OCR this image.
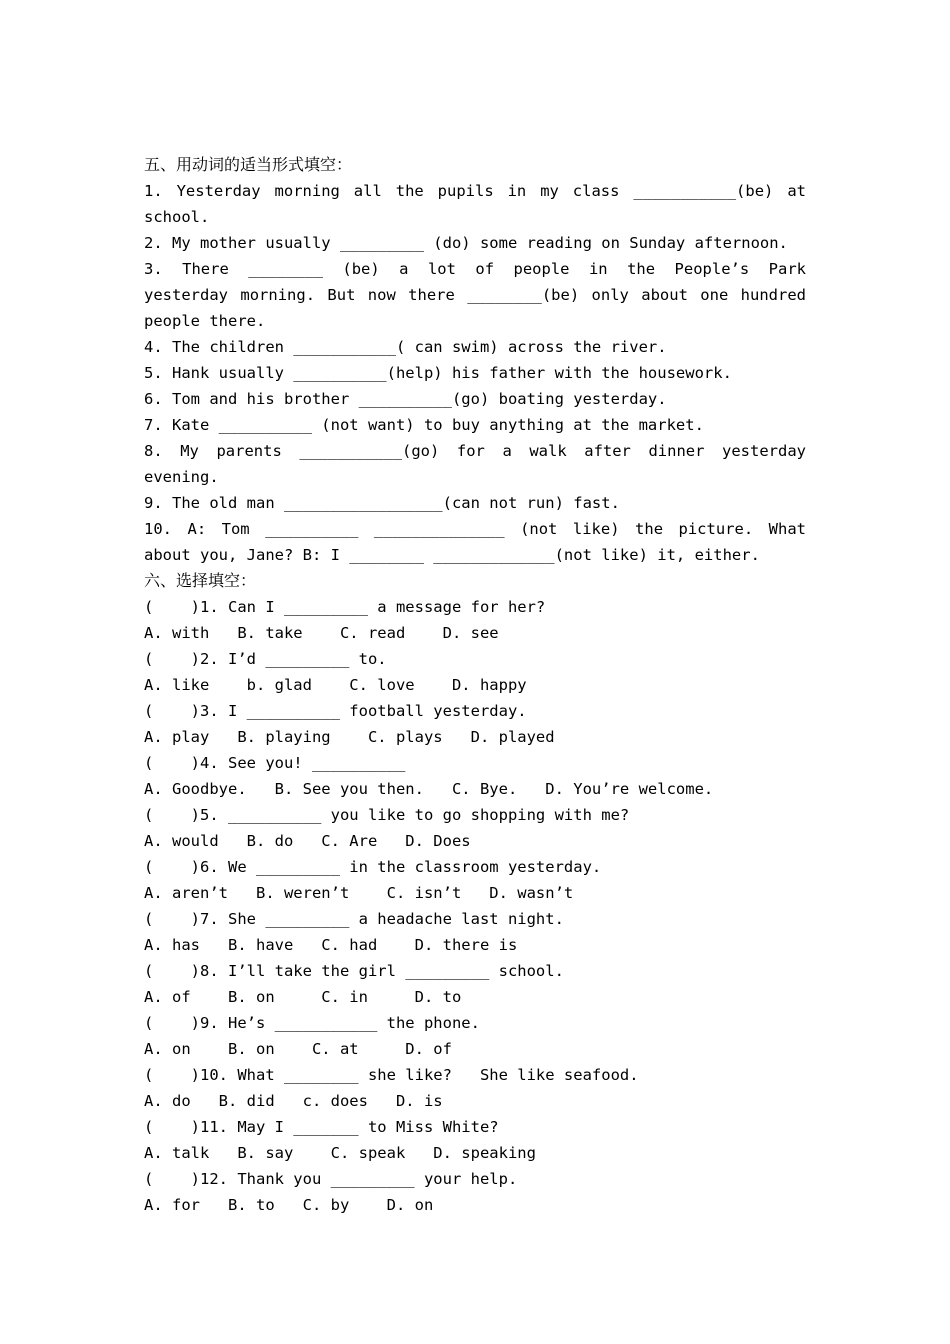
五、用动词的适当形式填空：
1. Yesterday morning all the pupils in my class ___________(be) at
school.
2. My mother usually _________ (do) some reading on Sunday afternoon.
3. There ________ (be) a lot of people in the People’s Park
yesterday morning. But now there ________(be) only about one hundred
people there.
4. The children ___________( can swim) across the river.
5. Hank usually __________(help) his father with the housework.
6. Tom and his brother __________(go) boating yesterday.
7. Kate __________ (not want) to buy anything at the market.
8. My parents ___________(go) for a walk after dinner yesterday
evening.
9. The old man _________________(can not run) fast.
10. A: Tom __________ ______________ (not like) the picture. What
about you, Jane? B: I ________ _____________(not like) it, either.
六、选择填空：
(    )1. Can I _________ a message for her?
A. with   B. take    C. read    D. see
(    )2. I’d _________ to.
A. like    b. glad    C. love    D. happy
(    )3. I __________ football yesterday.
A. play   B. playing    C. plays   D. played
(    )4. See you! __________
A. Goodbye.   B. See you then.   C. Bye.   D. You’re welcome.
(    )5. __________ you like to go shopping with me?
A. would   B. do   C. Are   D. Does
(    )6. We _________ in the classroom yesterday.
A. aren’t   B. weren’t    C. isn’t   D. wasn’t
(    )7. She _________ a headache last night.
A. has   B. have   C. had    D. there is
(    )8. I’ll take the girl _________ school.
A. of    B. on     C. in     D. to
(    )9. He’s ___________ the phone.
A. on    B. on    C. at     D. of
(    )10. What ________ she like?   She like seafood.
A. do   B. did   c. does   D. is
(    )11. May I _______ to Miss White?
A. talk   B. say    C. speak   D. speaking
(    )12. Thank you _________ your help.
A. for   B. to   C. by    D. on
